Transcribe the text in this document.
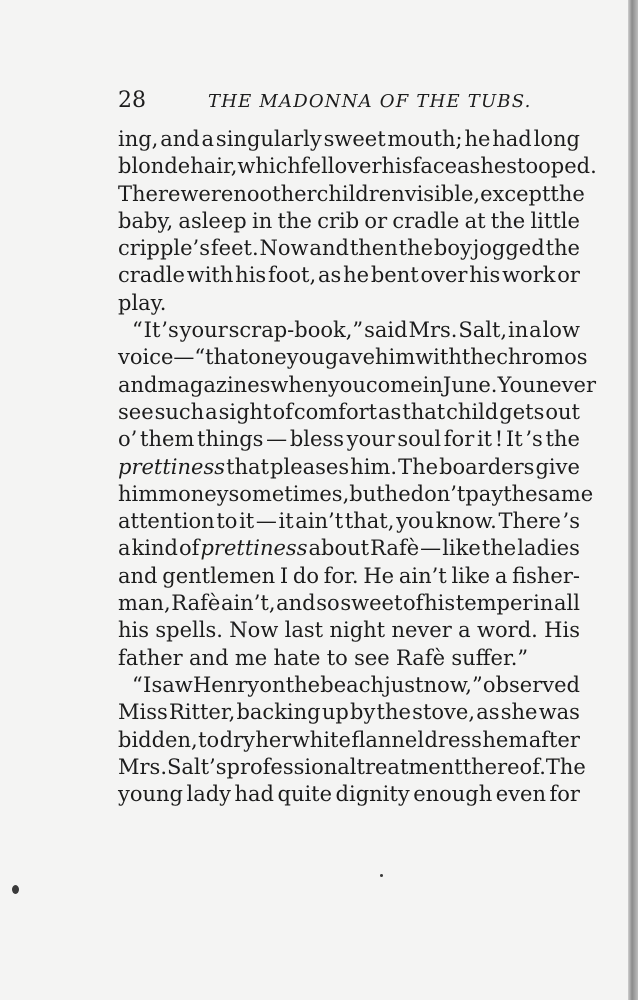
28	THE MADONNA OF THE TUBS.
ing, and a singularly sweet mouth; he had long
blonde hair, which fell over his face as he stooped.
There were no other children visible, except the
baby, asleep in the crib or cradle at the little
cripple’s feet. Now and then the boy jogged the
cradle with his foot, as he bent over his work or
play.
“ It ’s your scrap-book,” said Mrs. Salt, in a low
voice — “ that one you gave him with the chromos
and magazines when you come in June. You never
see such a sight of comfort as that child gets out
o’ them things — bless your soul for it ! It ’s the
prettiness that pleases him. The boarders give
him money sometimes, but he don’t pay the same
attention to it — it ain’t that, you know. There ’s
a kind of prettiness about Rafè — like the ladies
and gentlemen I do for. He ain’t like a fisher-
man, Rafè ain’t, and so sweet of his temper in all
his spells. Now last night never a word. His
father and me hate to see Rafè suffer.”
“ I saw Henry on the beach just now,” observed
Miss Ritter, backing up by the stove, as she was
bidden, to dry her white flannel dress hem after
Mrs. Salt’s professional treatment thereof. The
young lady had quite dignity enough even for
